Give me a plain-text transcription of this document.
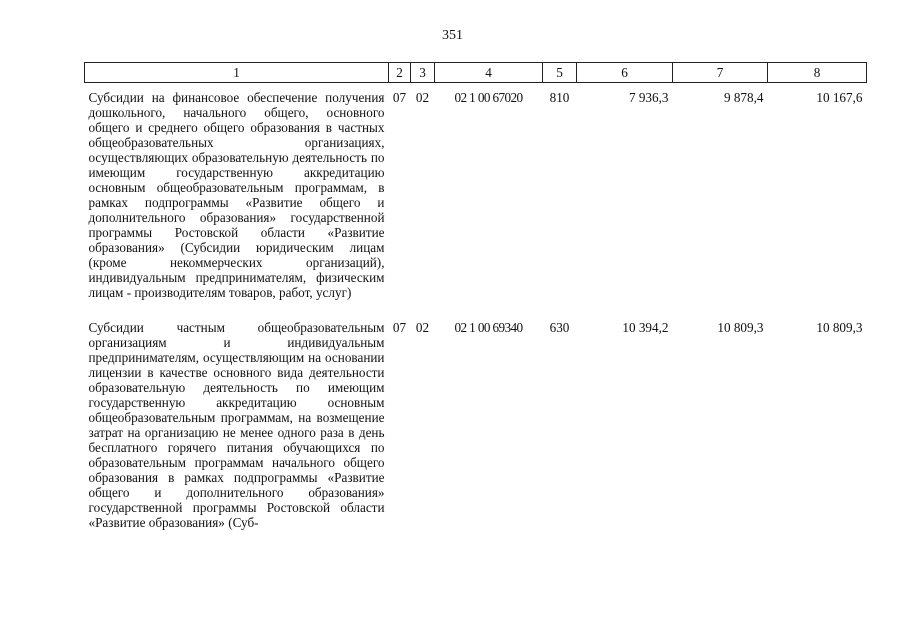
351
1	2	3	4	5	6	7	8
Субсидии на финансовое обеспечение получения дошкольного, начального общего, основного общего и среднего общего образования в частных общеобразовательных организациях, осуществляющих образовательную деятельность по имеющим государственную аккредитацию основным общеобразовательным программам, в рамках подпрограммы «Развитие общего и дополнительного образования» государственной программы Ростовской области «Развитие образования» (Субсидии юридическим лицам (кроме некоммерческих организаций), индивидуальным предпринимателям, физическим лицам - производителям товаров, работ, услуг)	07	02	02 1 00 67020	810	7 936,3	9 878,4	10 167,6
Субсидии частным общеобразовательным организациям и индивидуальным предпринимателям, осуществляющим на основании лицензии в качестве основного вида деятельности образовательную деятельность по имеющим государственную аккредитацию основным общеобразовательным программам, на возмещение затрат на организацию не менее одного раза в день бесплатного горячего питания обучающихся по образовательным программам начального общего образования в рамках подпрограммы «Развитие общего и дополнительного образования» государственной программы Ростовской области «Развитие образования» (Суб-	07	02	02 1 00 69340	630	10 394,2	10 809,3	10 809,3
